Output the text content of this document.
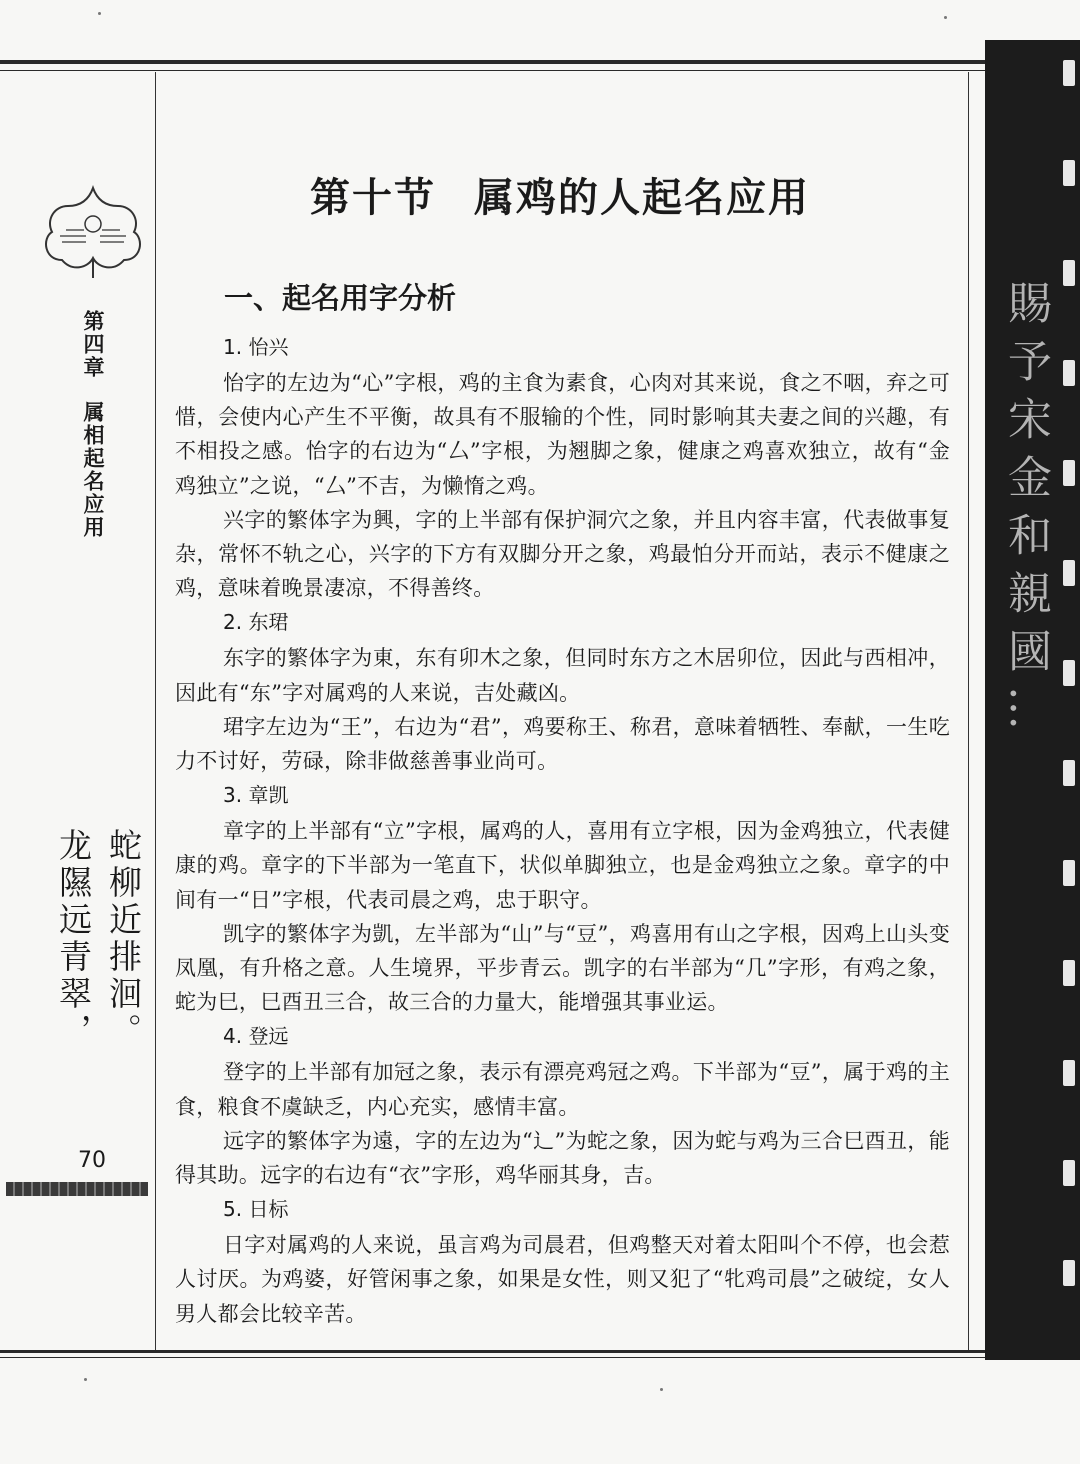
賜予宋金和親國…
第四章属相起名应用
蛇柳近排洄。
龙隰远青翠，
70
第十节 属鸡的人起名应用
一、起名用字分析
1. 怡兴

怡字的左边为“心”字根，鸡的主食为素食，心肉对其来说，食之不咽，弃之可惜，会使内心产生不平衡，故具有不服输的个性，同时影响其夫妻之间的兴趣，有不相投之感。怡字的右边为“厶”字根，为翘脚之象，健康之鸡喜欢独立，故有“金鸡独立”之说，“厶”不吉，为懒惰之鸡。

兴字的繁体字为興，字的上半部有保护洞穴之象，并且内容丰富，代表做事复杂，常怀不轨之心，兴字的下方有双脚分开之象，鸡最怕分开而站，表示不健康之鸡，意味着晚景凄凉，不得善终。

2. 东珺

东字的繁体字为東，东有卯木之象，但同时东方之木居卯位，因此与西相冲，因此有“东”字对属鸡的人来说，吉处藏凶。

珺字左边为“王”，右边为“君”，鸡要称王、称君，意味着牺牲、奉献，一生吃力不讨好，劳碌，除非做慈善事业尚可。

3. 章凯

章字的上半部有“立”字根，属鸡的人，喜用有立字根，因为金鸡独立，代表健康的鸡。章字的下半部为一笔直下，状似单脚独立，也是金鸡独立之象。章字的中间有一“日”字根，代表司晨之鸡，忠于职守。

凯字的繁体字为凱，左半部为“山”与“豆”，鸡喜用有山之字根，因鸡上山头变凤凰，有升格之意。人生境界，平步青云。凯字的右半部为“几”字形，有鸡之象，蛇为巳，巳酉丑三合，故三合的力量大，能增强其事业运。

4. 登远

登字的上半部有加冠之象，表示有漂亮鸡冠之鸡。下半部为“豆”，属于鸡的主食，粮食不虞缺乏，内心充实，感情丰富。

远字的繁体字为遠，字的左边为“辶”为蛇之象，因为蛇与鸡为三合巳酉丑，能得其助。远字的右边有“衣”字形，鸡华丽其身，吉。

5. 日标

日字对属鸡的人来说，虽言鸡为司晨君，但鸡整天对着太阳叫个不停，也会惹人讨厌。为鸡婆，好管闲事之象，如果是女性，则又犯了“牝鸡司晨”之破绽，女人男人都会比较辛苦。
